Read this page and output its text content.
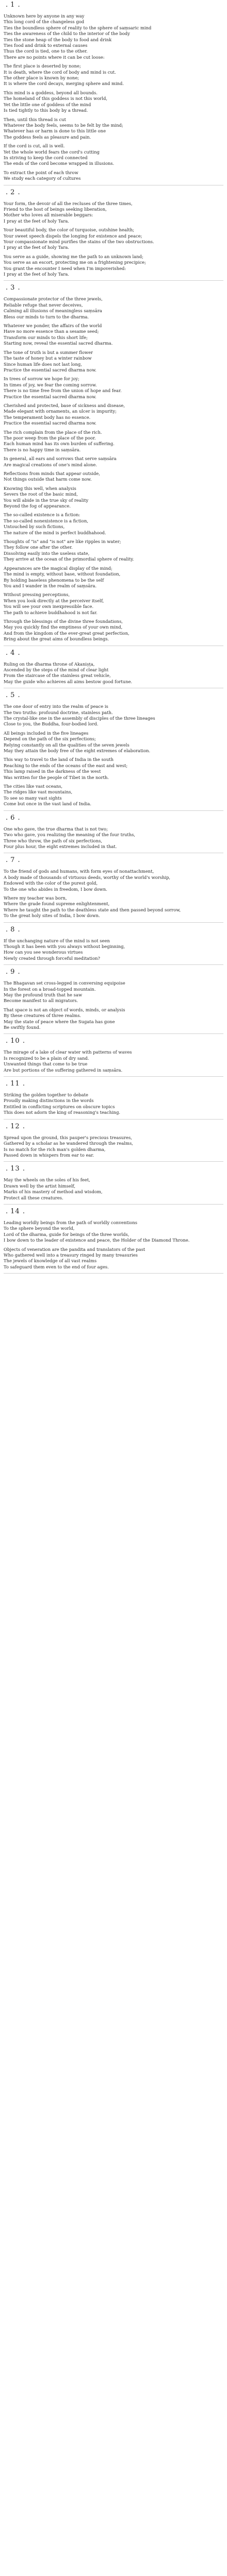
. 1 .
Unknown here by anyone in any way
This long cord of the changeless god
Ties the boundless sphere of reality to the sphere of saṃsaric mind
Ties the awareness of the child to the interior of the body
Ties the stone heap of the body to food and drink
Ties food and drink to external causes
Thus the cord is tied, one to the other.
There are no points where it can be cut loose:
The first place is deserted by none;
It is death, where the cord of body and mind is cut.
The other place is known by none;
It is where the cord decays, merging sphere and mind.
This mind is a goddess, beyond all bounds.
The homeland of this goddess is not this world,
Yet the little one of goddess of the mind
Is tied tightly to this body by a thread.
Then, until this thread is cut
Whatever the body feels, seems to be felt by the mind;
Whatever has or harm is done to this little one
The goddess feels as pleasure and pain.
If the cord is cut, all is well.
Yet the whole world fears the cord's cutting
In striving to keep the cord connected
The ends of the cord become wrapped in illusions.
To extract the point of each throw
We study each category of cultures
. 2 .
Your form, the devoir of all the recluses of the three times,
Friend to the host of beings seeking liberation,
Mother who loves all miserable beggars:
I pray at the feet of holy Tara.
Your beautiful body, the color of turquoise, outshine health;
Your sweet speech dispels the longing for existence and peace;
Your compassionate mind purifies the stains of the two obstructions.
I pray at the feet of holy Tara.
You serve as a guide, showing me the path to an unknown land;
You serve as an escort, protecting me on a frightening precipice;
You grant the encounter I need when I'm impoverished:
I pray at the feet of holy Tara.
. 3 .
Compassionate protector of the three jewels,
Reliable refuge that never deceives,
Calming all illusions of meaningless saṃsāra
Bless our minds to turn to the dharma.
Whatever we ponder, the affairs of the world
Have no more essence than a sesame seed;
Transform our minds to this short life;
Starting now, reveal the essential sacred dharma.
The tone of truth is but a summer flower
The taste of honey but a winter rainbow
Since human life does not last long,
Practice the essential sacred dharma now.
In trees of sorrow we hope for joy;
In times of joy, we fear the coming sorrow.
There is no time free from the union of hope and fear.
Practice the essential sacred dharma now.
Cherished and protected, base of sickness and disease,
Made elegant with ornaments, an ulcer is impurity;
The temperament body has no essence.
Practice the essential sacred dharma now.
The rich complain from the place of the rich.
The poor weep from the place of the poor.
Each human mind has its own burden of suffering.
There is no happy time in saṃsāra.
In general, all ears and sorrows that serve saṃsāra
Are magical creations of one's mind alone.
Reflections from minds that appear outside,
Not things outside that harm come now.
Knowing this well, when analysis
Severs the root of the basic mind,
You will abide in the true sky of reality
Beyond the fog of appearance.
The so-called existence is a fiction:
The so-called nonexistence is a fiction,
Untouched by such fictions,
The nature of the mind is perfect buddhahood.
Thoughts of "is" and "is not" are like ripples in water;
They follow one after the other.
Dissolving easily into the useless state,
They arrive at the ocean of the primordial sphere of reality.
Appearances are the magical display of the mind;
The mind is empty, without base, without foundation,
By holding baseless phenomena to be the self
You and I wander in the realm of saṃsāra.
Without pressing perceptions,
When you look directly at the perceiver itself,
You will see your own inexpressible face.
The path to achieve buddhahood is not far.
Through the blessings of the divine three foundations,
May you quickly find the emptiness of your own mind,
And from the kingdom of the ever-great great perfection,
Bring about the great aims of boundless beings.
. 4 .
Ruling on the dharma throne of Akaniṣṭa,
Ascended by the steps of the mind of clear light
From the staircase of the stainless great vehicle,
May the guide who achieves all aims bestow good fortune.
. 5 .
The one door of entry into the realm of peace is
The two truths: profound doctrine, stainless path.
The crystal-like one in the assembly of disciples of the three lineages
Close to you, the Buddha, four-bodied lord.
All beings included in the five lineages
Depend on the path of the six perfections;
Relying constantly on all the qualities of the seven jewels
May they attain the body free of the eight extremes of elaboration.
This way to travel to the land of India in the south
Reaching to the ends of the oceans of the east and west;
This lamp raised in the darkness of the west
Was written for the people of Tibet in the north.
The cities like vast oceans,
The ridges like vast mountains,
To see so many vast sights
Come but once in the vast land of India.
. 6 .
One who gave, the true dharma that is not two;
Two who gave, you realizing the meaning of the four truths,
Three who throw, the path of six perfections,
Four plus hour, the eight extremes included in that.
. 7 .
To the friend of gods and humans, with form eyes of nonattachment,
A body made of thousands of virtuous deeds, worthy of the world's worship,
Endowed with the color of the purest gold,
To the one who abides in freedom, I bow down.
Where my teacher was born,
Where the grade found supreme enlightenment,
Where he taught the path to the deathless state and then passed beyond sorrow,
To the great holy sites of India, I bow down.
. 8 .
If the unchanging nature of the mind is not seen
Though it has been with you always without beginning,
How can you see wonderous virtues
Newly created through forceful meditation?
. 9 .
The Bhagavan set cross-legged in conversing equipoise
In the forest on a broad-topped mountain.
May the profound truth that he saw
Become manifest to all migrators.
That space is not an object of words, minds, or analysis
By these creatures of three realms.
May the state of peace where the Sugata has gone
Be swiftly found.
. 10 .
The mirage of a lake of clear water with patterns of waves
Is recognized to be a plain of dry sand.
Unwanted things that come to be true
Are but portions of the suffering gathered in saṃsāra.
. 11 .
Striking the golden together to debate
Proudly making distinctions in the words
Entitled in conflicting scriptures on obscure topics
This does not adorn the king of reasoning's teaching.
. 12 .
Spread upon the ground, this pauper's precious treasures,
Gathered by a scholar as he wandered through the realms,
Is no match for the rich man's golden dharma,
Passed down in whispers from ear to ear.
. 13 .
May the wheels on the soles of his feet,
Drawn well by the artist himself,
Marks of his mastery of method and wisdom,
Protect all these creatures.
. 14 .
Leading worldly beings from the path of worldly conventions
To the sphere beyond the world,
Lord of the dharma, guide for beings of the three worlds,
I bow down to the leader of existence and peace, the Holder of the Diamond Throne.
Objects of veneration are the pandita and translators of the past
Who gathered well into a treasury ringed by many treasuries
The jewels of knowledge of all vast realms
To safeguard them even to the end of four ages.
